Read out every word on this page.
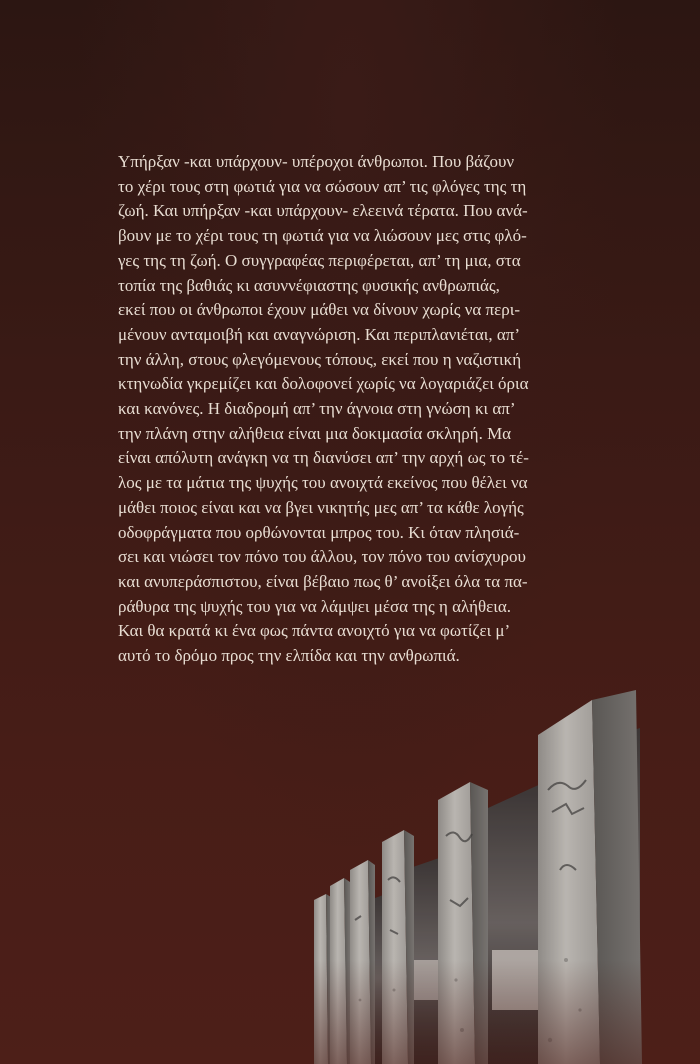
Υπήρξαν -και υπάρχουν- υπέροχοι άνθρωποι. Που βάζουν

το χέρι τους στη φωτιά για να σώσουν απ’ τις φλόγες της τη

ζωή. Και υπήρξαν -και υπάρχουν- ελεεινά τέρατα. Που ανά-

βουν με το χέρι τους τη φωτιά για να λιώσουν μες στις φλό-

γες της τη ζωή. Ο συγγραφέας περιφέρεται, απ’ τη μια, στα

τοπία της βαθιάς κι ασυννέφιαστης φυσικής ανθρωπιάς,

εκεί που οι άνθρωποι έχουν μάθει να δίνουν χωρίς να περι-

μένουν ανταμοιβή και αναγνώριση. Και περιπλανιέται, απ’

την άλλη, στους φλεγόμενους τόπους, εκεί που η ναζιστική

κτηνωδία γκρεμίζει και δολοφονεί χωρίς να λογαριάζει όρια

και κανόνες. Η διαδρομή απ’ την άγνοια στη γνώση κι απ’

την πλάνη στην αλήθεια είναι μια δοκιμασία σκληρή. Μα

είναι απόλυτη ανάγκη να τη διανύσει απ’ την αρχή ως το τέ-

λος με τα μάτια της ψυχής του ανοιχτά εκείνος που θέλει να

μάθει ποιος είναι και να βγει νικητής μες απ’ τα κάθε λογής

οδοφράγματα που ορθώνονται μπρος του. Κι όταν πλησιά-

σει και νιώσει τον πόνο του άλλου, τον πόνο του ανίσχυρου

και ανυπεράσπιστου, είναι βέβαιο πως θ’ ανοίξει όλα τα πα-

ράθυρα της ψυχής του για να λάμψει μέσα της η αλήθεια.

Και θα κρατά κι ένα φως πάντα ανοιχτό για να φωτίζει μ’

αυτό το δρόμο προς την ελπίδα και την ανθρωπιά.
